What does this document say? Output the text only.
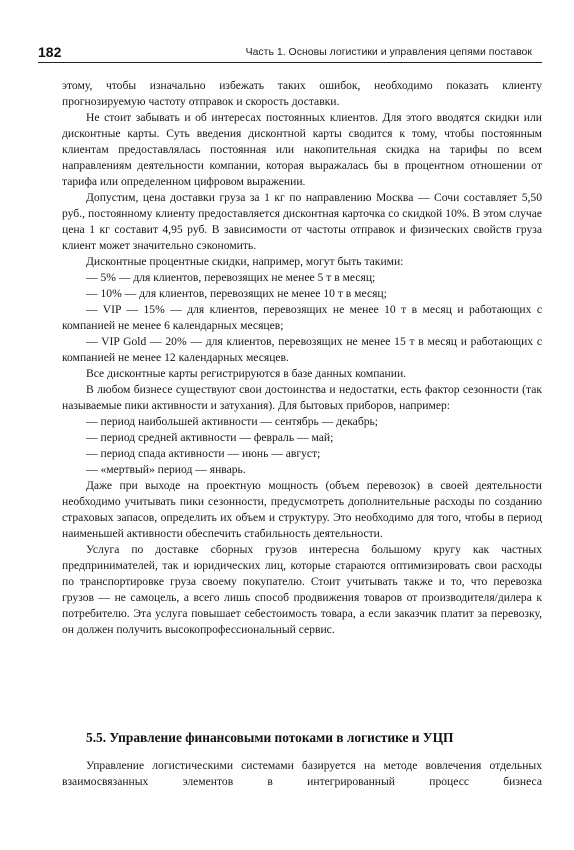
182	Часть 1. Основы логистики и управления цепями поставок

этому, чтобы изначально избежать таких ошибок, необходимо показать клиенту прогнозируемую частоту отправок и скорость доставки.

Не стоит забывать и об интересах постоянных клиентов. Для этого вводятся скидки или дисконтные карты. Суть введения дисконтной карты сводится к тому, чтобы постоянным клиентам предоставлялась постоянная или накопительная скидка на тарифы по всем направлениям деятельности компании, которая выражалась бы в процентном отношении от тарифа или определенном цифровом выражении.

Допустим, цена доставки груза за 1 кг по направлению Москва — Сочи составляет 5,50 руб., постоянному клиенту предоставляется дисконтная карточка со скидкой 10%. В этом случае цена 1 кг составит 4,95 руб. В зависимости от частоты отправок и физических свойств груза клиент может значительно сэкономить.

Дисконтные процентные скидки, например, могут быть такими:

— 5% — для клиентов, перевозящих не менее 5 т в месяц;

— 10% — для клиентов, перевозящих не менее 10 т в месяц;

— VIP — 15% — для клиентов, перевозящих не менее 10 т в месяц и работающих с компанией не менее 6 календарных месяцев;

— VIP Gold — 20% — для клиентов, перевозящих не менее 15 т в месяц и работающих с компанией не менее 12 календарных месяцев.

Все дисконтные карты регистрируются в базе данных компании.

В любом бизнесе существуют свои достоинства и недостатки, есть фактор сезонности (так называемые пики активности и затухания). Для бытовых приборов, например:

— период наибольшей активности — сентябрь — декабрь;

— период средней активности — февраль — май;

— период спада активности — июнь — август;

— «мертвый» период — январь.

Даже при выходе на проектную мощность (объем перевозок) в своей деятельности необходимо учитывать пики сезонности, предусмотреть дополнительные расходы по созданию страховых запасов, определить их объем и структуру. Это необходимо для того, чтобы в период наименьшей активности обеспечить стабильность деятельности.

Услуга по доставке сборных грузов интересна большому кругу как частных предпринимателей, так и юридических лиц, которые стараются оптимизировать свои расходы по транспортировке груза своему покупателю. Стоит учитывать также и то, что перевозка грузов — не самоцель, а всего лишь способ продвижения товаров от производителя/дилера к потребителю. Эта услуга повышает себестоимость товара, а если заказчик платит за перевозку, он должен получить высокопрофессиональный сервис.

5.5. Управление финансовыми потоками в логистике и УЦП

Управление логистическими системами базируется на методе вовлечения отдельных взаимосвязанных элементов в интегрированный процесс бизнеса
